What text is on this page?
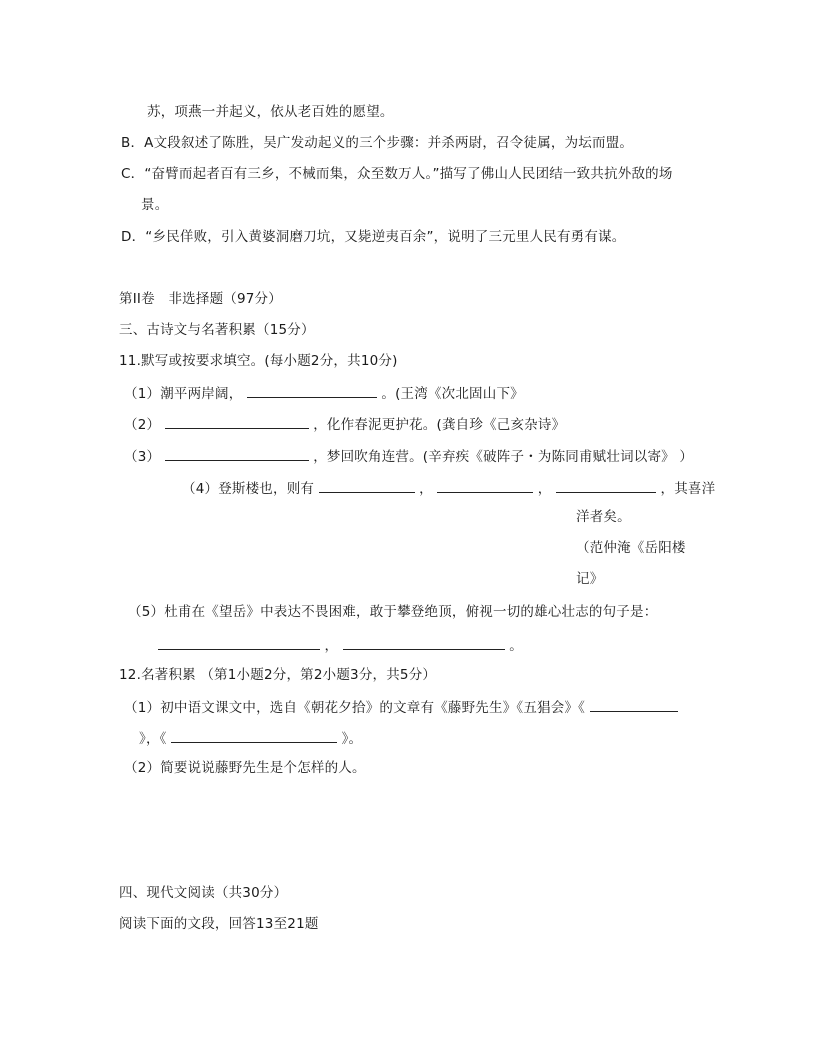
苏，项燕一并起义，依从老百姓的愿望。
B．A文段叙述了陈胜，吴广发动起义的三个步骤：并杀两尉，召令徒属，为坛而盟。
C．“奋臂而起者百有三乡，不械而集，众至数万人。”描写了佛山人民团结一致共抗外敌的场
景。
D．“乡民佯败，引入黄婆洞磨刀坑，又毙逆夷百余”，说明了三元里人民有勇有谋。
第II卷　非选择题（97分）
三、古诗文与名著积累（15分）
11.默写或按要求填空。(每小题2分，共10分)
（1）潮平两岸阔，	。(王湾《次北固山下》
（2）	，化作春泥更护花。(龚自珍《己亥杂诗》
（3）	，梦回吹角连营。(辛弃疾《破阵子・为陈同甫赋壮词以寄》 ）
（4）登斯楼也，则有	，	，	，其喜洋
洋者矣。
（范仲淹《岳阳楼
记》
（5）杜甫在《望岳》中表达不畏困难，敢于攀登绝顶，俯视一切的雄心壮志的句子是：
，	。
12.名著积累 （第1小题2分，第2小题3分，共5分）
（1）初中语文课文中，选自《朝花夕拾》的文章有《藤野先生》《五猖会》《
》，《	》。
（2）简要说说藤野先生是个怎样的人。
四、现代文阅读（共30分）
阅读下面的文段，回答13至21题
